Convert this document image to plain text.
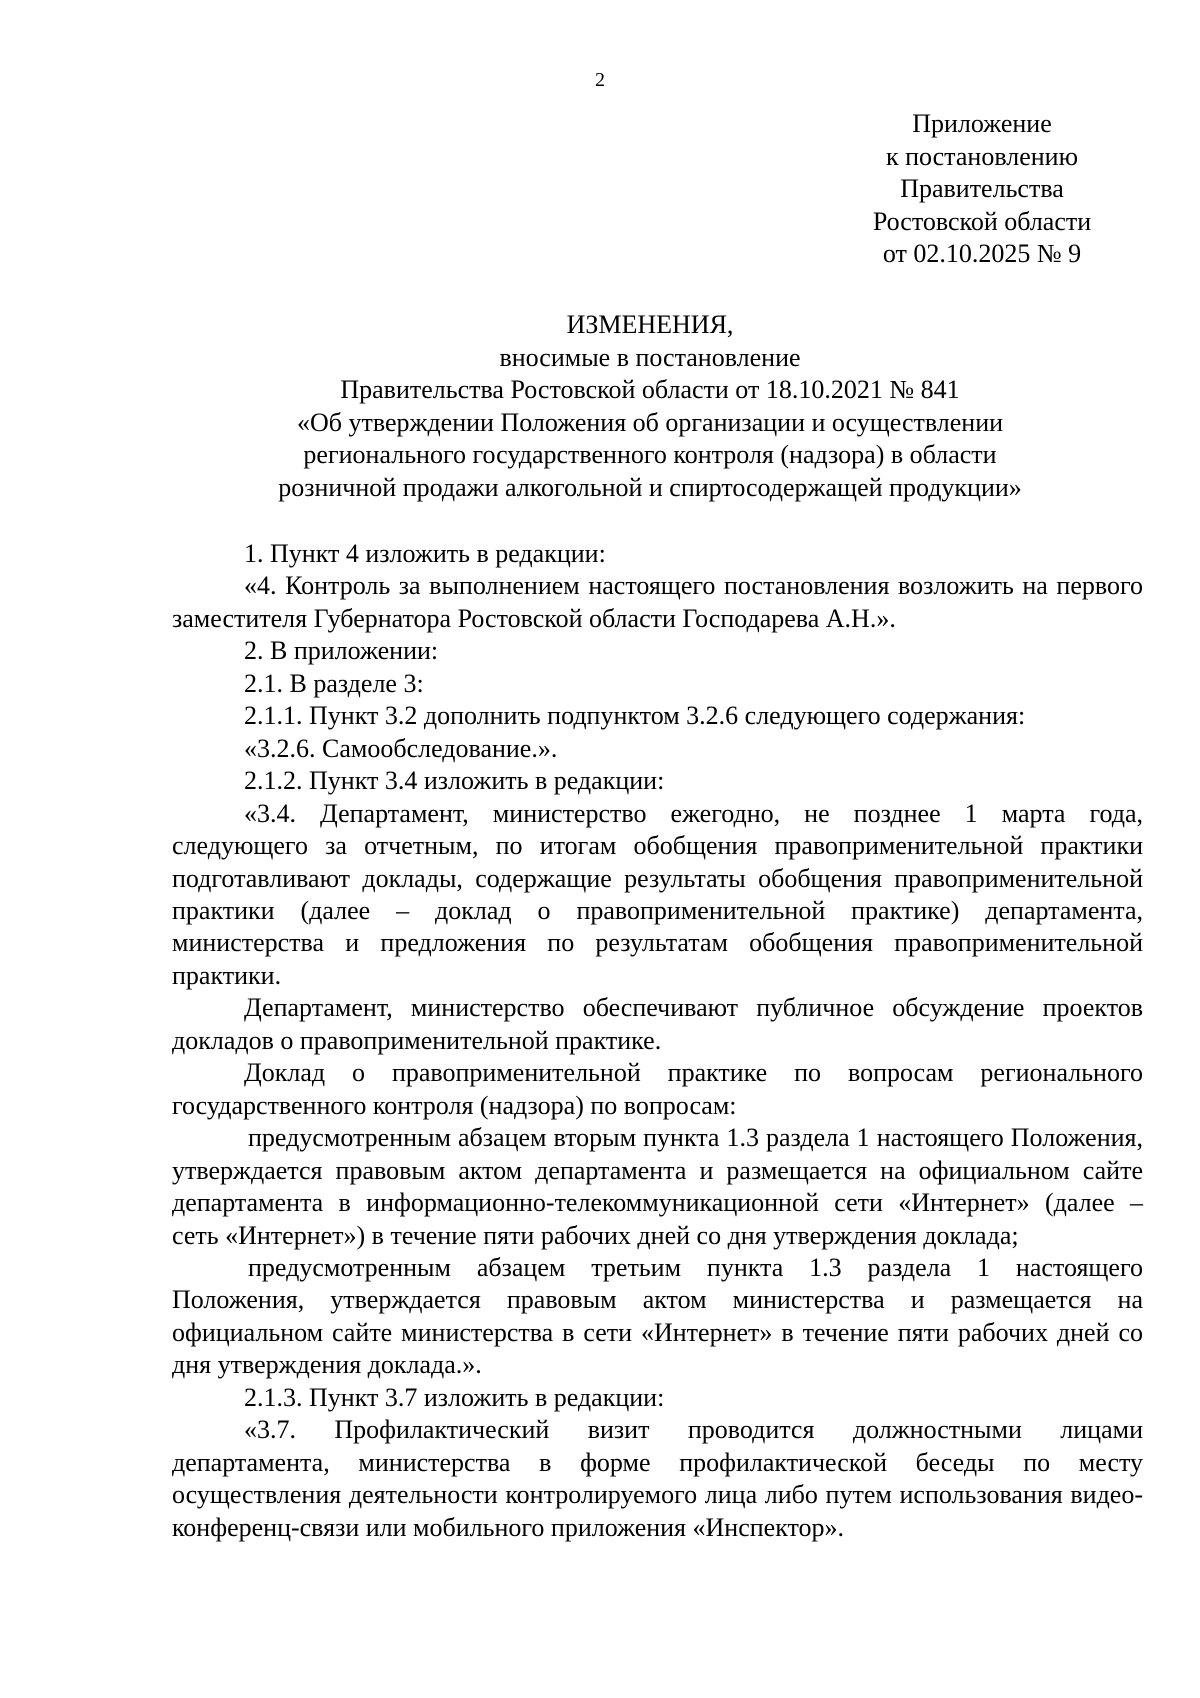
2
Приложение
к постановлению
Правительства
Ростовской области
от 02.10.2025 № 9
ИЗМЕНЕНИЯ,
вносимые в постановление
Правительства Ростовской области от 18.10.2021 № 841
«Об утверждении Положения об организации и осуществлении
регионального государственного контроля (надзора) в области
розничной продажи алкогольной и спиртосодержащей продукции»

1. Пункт 4 изложить в редакции:

«4. Контроль за выполнением настоящего постановления возложить на первого заместителя Губернатора Ростовской области Господарева А.Н.».

2. В приложении:

2.1. В разделе 3:

2.1.1. Пункт 3.2 дополнить подпунктом 3.2.6 следующего содержания:

«3.2.6. Самообследование.».

2.1.2. Пункт 3.4 изложить в редакции:

«3.4. Департамент, министерство ежегодно, не позднее 1 марта года, следующего за отчетным, по итогам обобщения правоприменительной практики подготавливают доклады, содержащие результаты обобщения правоприменительной практики (далее – доклад о правоприменительной практике) департамента, министерства и предложения по результатам обобщения правоприменительной практики.

Департамент, министерство обеспечивают публичное обсуждение проектов докладов о правоприменительной практике.

Доклад о правоприменительной практике по вопросам регионального государственного контроля (надзора) по вопросам:

предусмотренным абзацем вторым пункта 1.3 раздела 1 настоящего Положения, утверждается правовым актом департамента и размещается на официальном сайте департамента в информационно-телекоммуникационной сети «Интернет» (далее – сеть «Интернет») в течение пяти рабочих дней со дня утверждения доклада;

предусмотренным абзацем третьим пункта 1.3 раздела 1 настоящего Положения, утверждается правовым актом министерства и размещается на официальном сайте министерства в сети «Интернет» в течение пяти рабочих дней со дня утверждения доклада.».

2.1.3. Пункт 3.7 изложить в редакции:

«3.7. Профилактический визит проводится должностными лицами департамента, министерства в форме профилактической беседы по месту осуществления деятельности контролируемого лица либо путем использования видео-конференц-связи или мобильного приложения «Инспектор».
